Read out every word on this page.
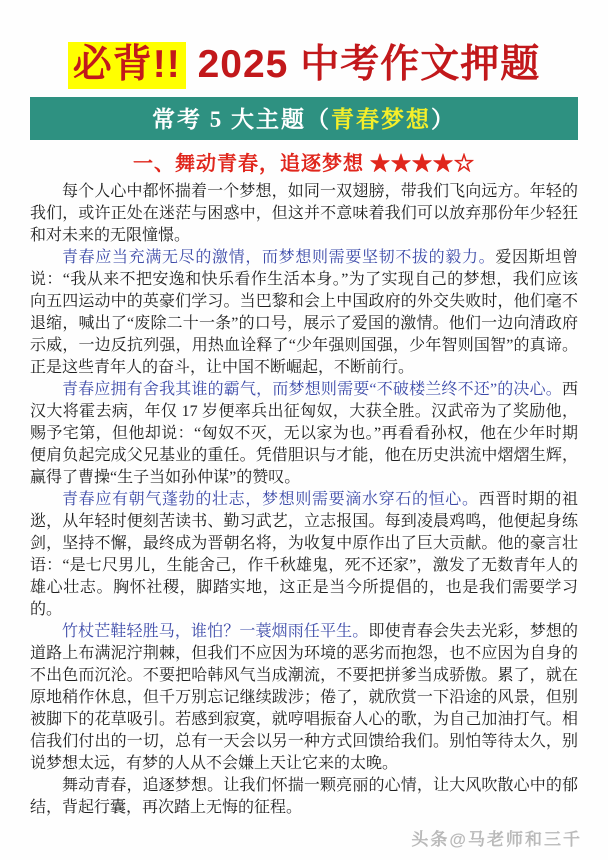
必背!! 2025 中考作文押题
常考 5 大主题（青春梦想）
一、舞动青春，追逐梦想 ★★★★☆

每个人心中都怀揣着一个梦想，如同一双翅膀，带我们飞向远方。年轻的我们，或许正处在迷茫与困惑中，但这并不意味着我们可以放弃那份年少轻狂和对未来的无限憧憬。

青春应当充满无尽的激情，而梦想则需要坚韧不拔的毅力。爱因斯坦曾说：“我从来不把安逸和快乐看作生活本身。”为了实现自己的梦想，我们应该向五四运动中的英豪们学习。当巴黎和会上中国政府的外交失败时，他们毫不退缩，喊出了“废除二十一条”的口号，展示了爱国的激情。他们一边向清政府示威，一边反抗列强，用热血诠释了“少年强则国强，少年智则国智”的真谛。正是这些青年人的奋斗，让中国不断崛起，不断前行。

青春应拥有舍我其谁的霸气，而梦想则需要“不破楼兰终不还”的决心。西汉大将霍去病，年仅 17 岁便率兵出征匈奴，大获全胜。汉武帝为了奖励他，赐予宅第，但他却说：“匈奴不灭，无以家为也。”再看看孙权，他在少年时期便肩负起完成父兄基业的重任。凭借胆识与才能，他在历史洪流中熠熠生辉，赢得了曹操“生子当如孙仲谋”的赞叹。

青春应有朝气蓬勃的壮志，梦想则需要滴水穿石的恒心。西晋时期的祖逖，从年轻时便刻苦读书、勤习武艺，立志报国。每到凌晨鸡鸣，他便起身练剑，坚持不懈，最终成为晋朝名将，为收复中原作出了巨大贡献。他的豪言壮语：“是七尺男儿，生能舍己，作千秋雄鬼，死不还家”，激发了无数青年人的雄心壮志。胸怀社稷，脚踏实地，这正是当今所提倡的，也是我们需要学习的。

竹杖芒鞋轻胜马，谁怕？一蓑烟雨任平生。即使青春会失去光彩，梦想的道路上布满泥泞荆棘，但我们不应因为环境的恶劣而抱怨，也不应因为自身的不出色而沉沦。不要把哈韩风气当成潮流，不要把拼爹当成骄傲。累了，就在原地稍作休息，但千万别忘记继续跋涉；倦了，就欣赏一下沿途的风景，但别被脚下的花草吸引。若感到寂寞，就哼唱振奋人心的歌，为自己加油打气。相信我们付出的一切，总有一天会以另一种方式回馈给我们。别怕等待太久，别说梦想太远，有梦的人从不会嫌上天让它来的太晚。

舞动青春，追逐梦想。让我们怀揣一颗亮丽的心情，让大风吹散心中的郁结，背起行囊，再次踏上无悔的征程。

头条@马老师和三千
